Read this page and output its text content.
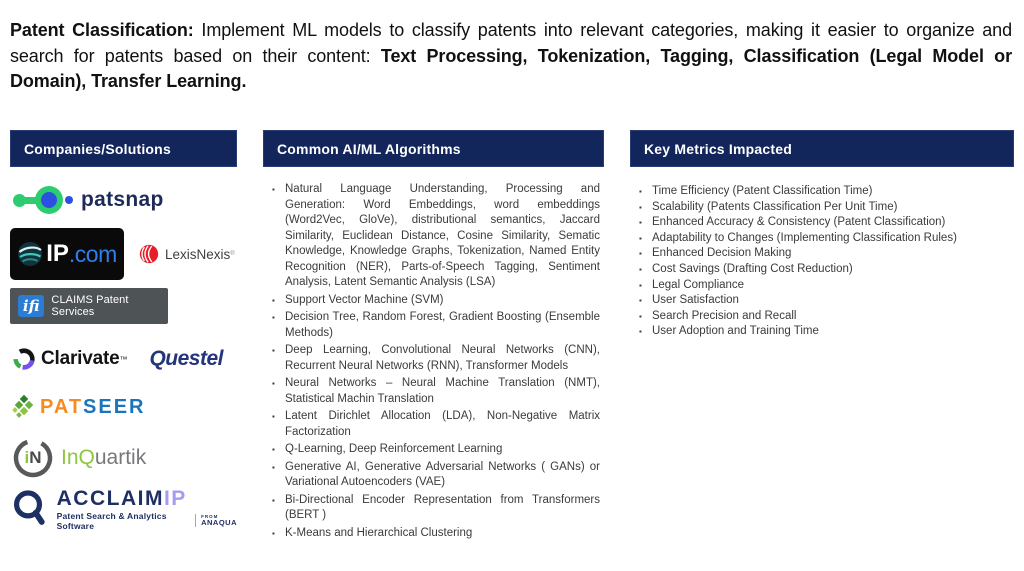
Patent Classification: Implement ML models to classify patents into relevant categories, making it easier to organize and search for patents based on their content: Text Processing, Tokenization, Tagging, Classification (Legal Model or Domain), Transfer Learning.

Companies/Solutions
patsnap
IP .com	LexisNexis ®
ifi	CLAIMS Patent Services
Clarivate ™ Questel
PAT SEER
i N InQuartik
ACCLAIMIP
Patent Search & Analytics Software
FROM
ANAQUA
Common AI/ML Algorithms
▪ Natural Language Understanding, Processing and Generation: Word Embeddings, word embeddings (Word2Vec, GloVe), distributional semantics, Jaccard Similarity, Euclidean Distance, Cosine Similarity, Sematic Knowledge, Knowledge Graphs, Tokenization, Named Entity Recognition (NER), Parts-of-Speech Tagging, Sentiment Analysis, Latent Semantic Analysis (LSA)
▪ Support Vector Machine (SVM)
▪ Decision Tree, Random Forest, Gradient Boosting (Ensemble Methods)
▪ Deep Learning, Convolutional Neural Networks (CNN), Recurrent Neural Networks (RNN), Transformer Models
▪ Neural Networks – Neural Machine Translation (NMT), Statistical Machin Translation
▪ Latent Dirichlet Allocation (LDA), Non-Negative Matrix Factorization
▪ Q-Learning, Deep Reinforcement Learning
▪ Generative AI, Generative Adversarial Networks ( GANs) or Variational Autoencoders (VAE)
▪ Bi-Directional Encoder Representation from Transformers (BERT )
▪ K-Means and Hierarchical Clustering
Key Metrics Impacted
▪ Time Efficiency (Patent Classification Time)
▪ Scalability (Patents Classification Per Unit Time)
▪ Enhanced Accuracy & Consistency (Patent Classification)
▪ Adaptability to Changes (Implementing Classification Rules)
▪ Enhanced Decision Making
▪ Cost Savings (Drafting Cost Reduction)
▪ Legal Compliance
▪ User Satisfaction
▪ Search Precision and Recall
▪ User Adoption and Training Time
